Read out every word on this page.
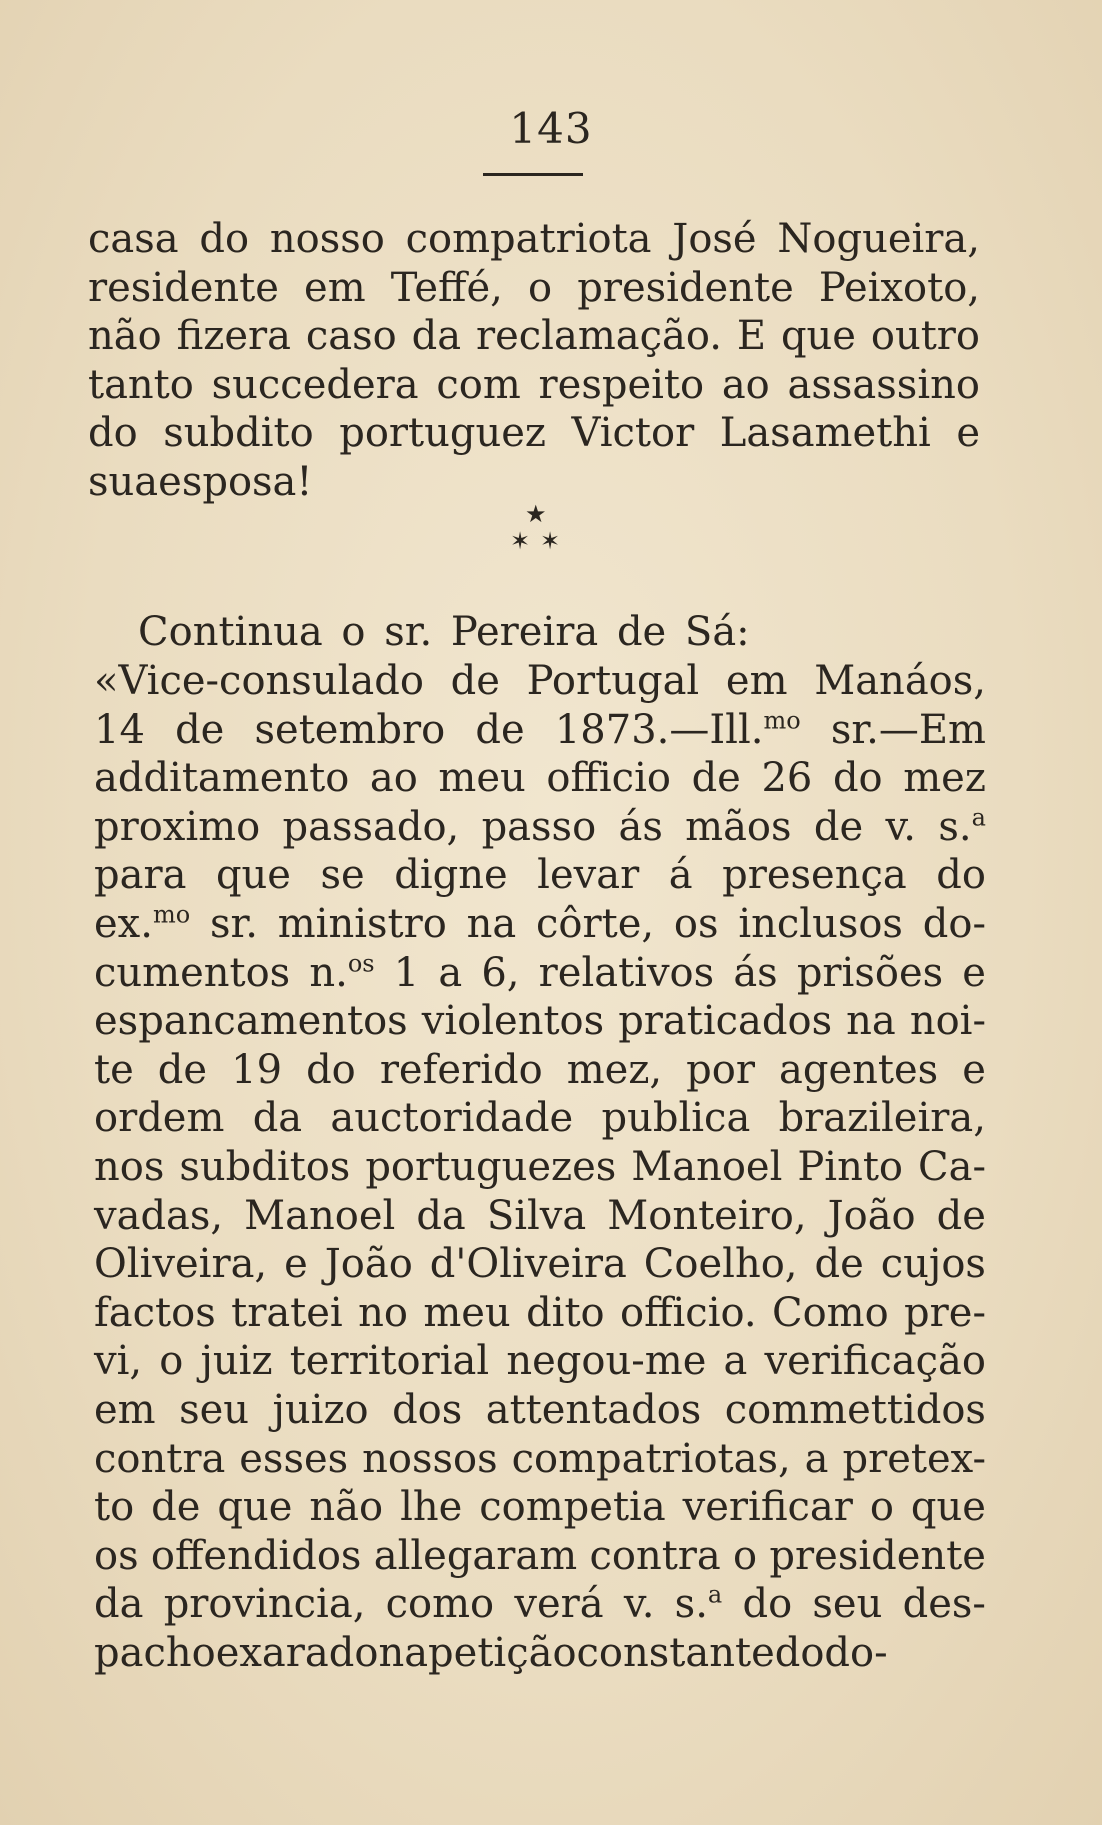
143
casa do nosso compatriota José Nogueira,
residente em Teffé, o presidente Peixoto,
não fizera caso da reclamação. E que outro
tanto succedera com respeito ao assassino
do subdito portuguez Victor Lasamethi e
sua esposa!
★
✶ ✶
Continua o sr. Pereira de Sá:
«Vice-consulado de Portugal em Manáos,
14 de setembro de 1873.—Ill.$^{mo}$ sr.—Em
additamento ao meu officio de 26 do mez
proximo passado, passo ás mãos de v. s.$^a$
para que se digne levar á presença do
ex.$^{mo}$ sr. ministro na côrte, os inclusos do-
cumentos n.$^{os}$ 1 a 6, relativos ás prisões e
espancamentos violentos praticados na noi-
te de 19 do referido mez, por agentes e
ordem da auctoridade publica brazileira,
nos subditos portuguezes Manoel Pinto Ca-
vadas, Manoel da Silva Monteiro, João de
Oliveira, e João d'Oliveira Coelho, de cujos
factos tratei no meu dito officio. Como pre-
vi, o juiz territorial negou-me a verificação
em seu juizo dos attentados commettidos
contra esses nossos compatriotas, a pretex-
to de que não lhe competia verificar o que
os offendidos allegaram contra o presidente
da provincia, como verá v. s.$^a$ do seu des-
pacho exarado na petição constante do do-
